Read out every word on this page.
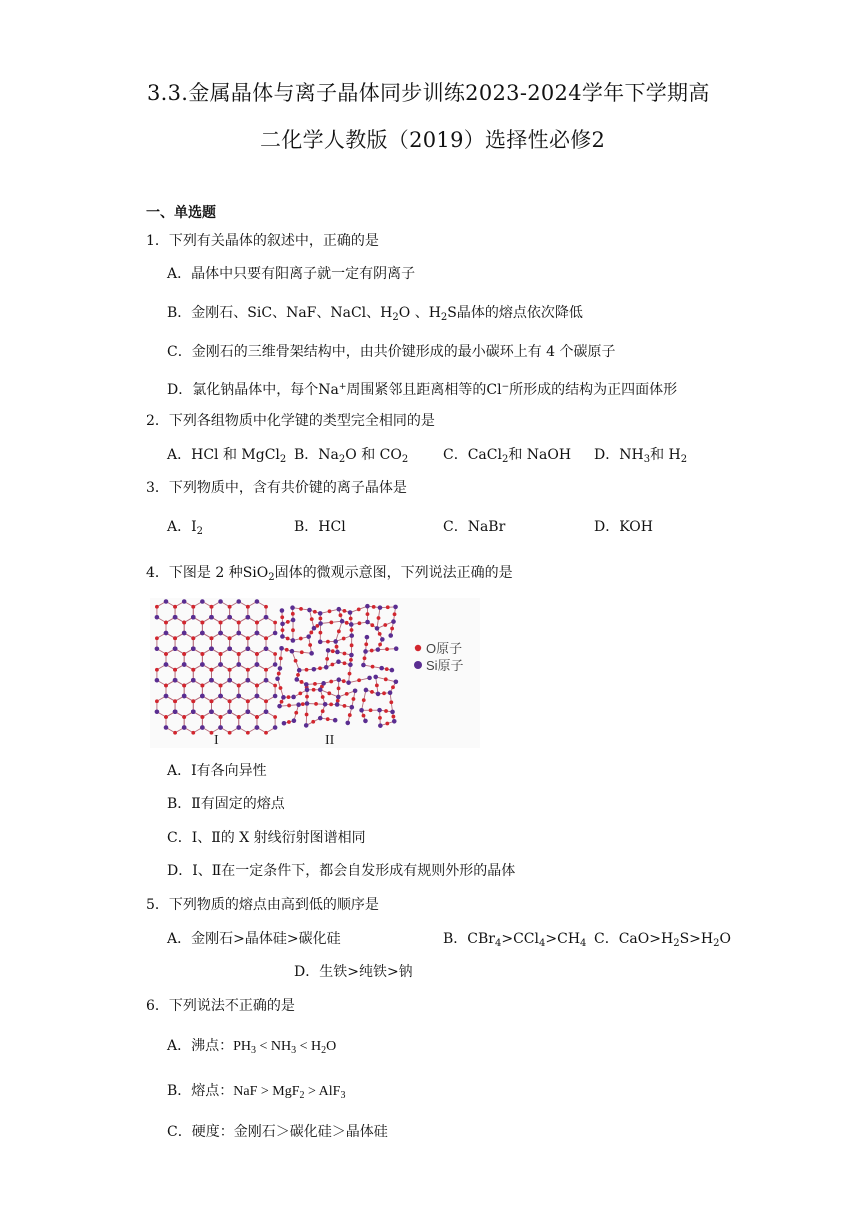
3.3.金属晶体与离子晶体同步训练2023-2024学年下学期高
二化学人教版（2019）选择性必修2
一、单选题
1．下列有关晶体的叙述中，正确的是
A．晶体中只要有阳离子就一定有阴离子
B．金刚石、SiC、NaF、NaCl、$H_2O$ 、$H_2S$晶体的熔点依次降低
C．金刚石的三维骨架结构中，由共价键形成的最小碳环上有 4 个碳原子
D．氯化钠晶体中，每个Na+周围紧邻且距离相等的Cl−所形成的结构为正四面体形
2．下列各组物质中化学键的类型完全相同的是
A．HCl 和 MgCl$_2$ B．$Na_2O$ 和 $CO_2$ C．CaCl$_2$和 NaOH D．$NH_3$和 $H_2$
3．下列物质中，含有共价键的离子晶体是
A．$I_2$	B．HCl	C．NaBr	D．KOH
4．下图是 2 种SiO$_2$固体的微观示意图，下列说法正确的是
O原子
Si原子
I	II
A．Ⅰ有各向异性
B．Ⅱ有固定的熔点
C．Ⅰ、Ⅱ的 X 射线衍射图谱相同
D．Ⅰ、Ⅱ在一定条件下，都会自发形成有规则外形的晶体
5．下列物质的熔点由高到低的顺序是
A．金刚石>晶体硅>碳化硅	B．$CBr_4>CCl_4>CH_4$ C．$CaO>H_2S>H_2O$
D．生铁>纯铁>钠
6．下列说法不正确的是
A．沸点：$PH_3 < NH_3 < H_2O$
B．熔点：NaF > MgF$_2$ > AlF$_3$
C．硬度：金刚石＞碳化硅＞晶体硅
